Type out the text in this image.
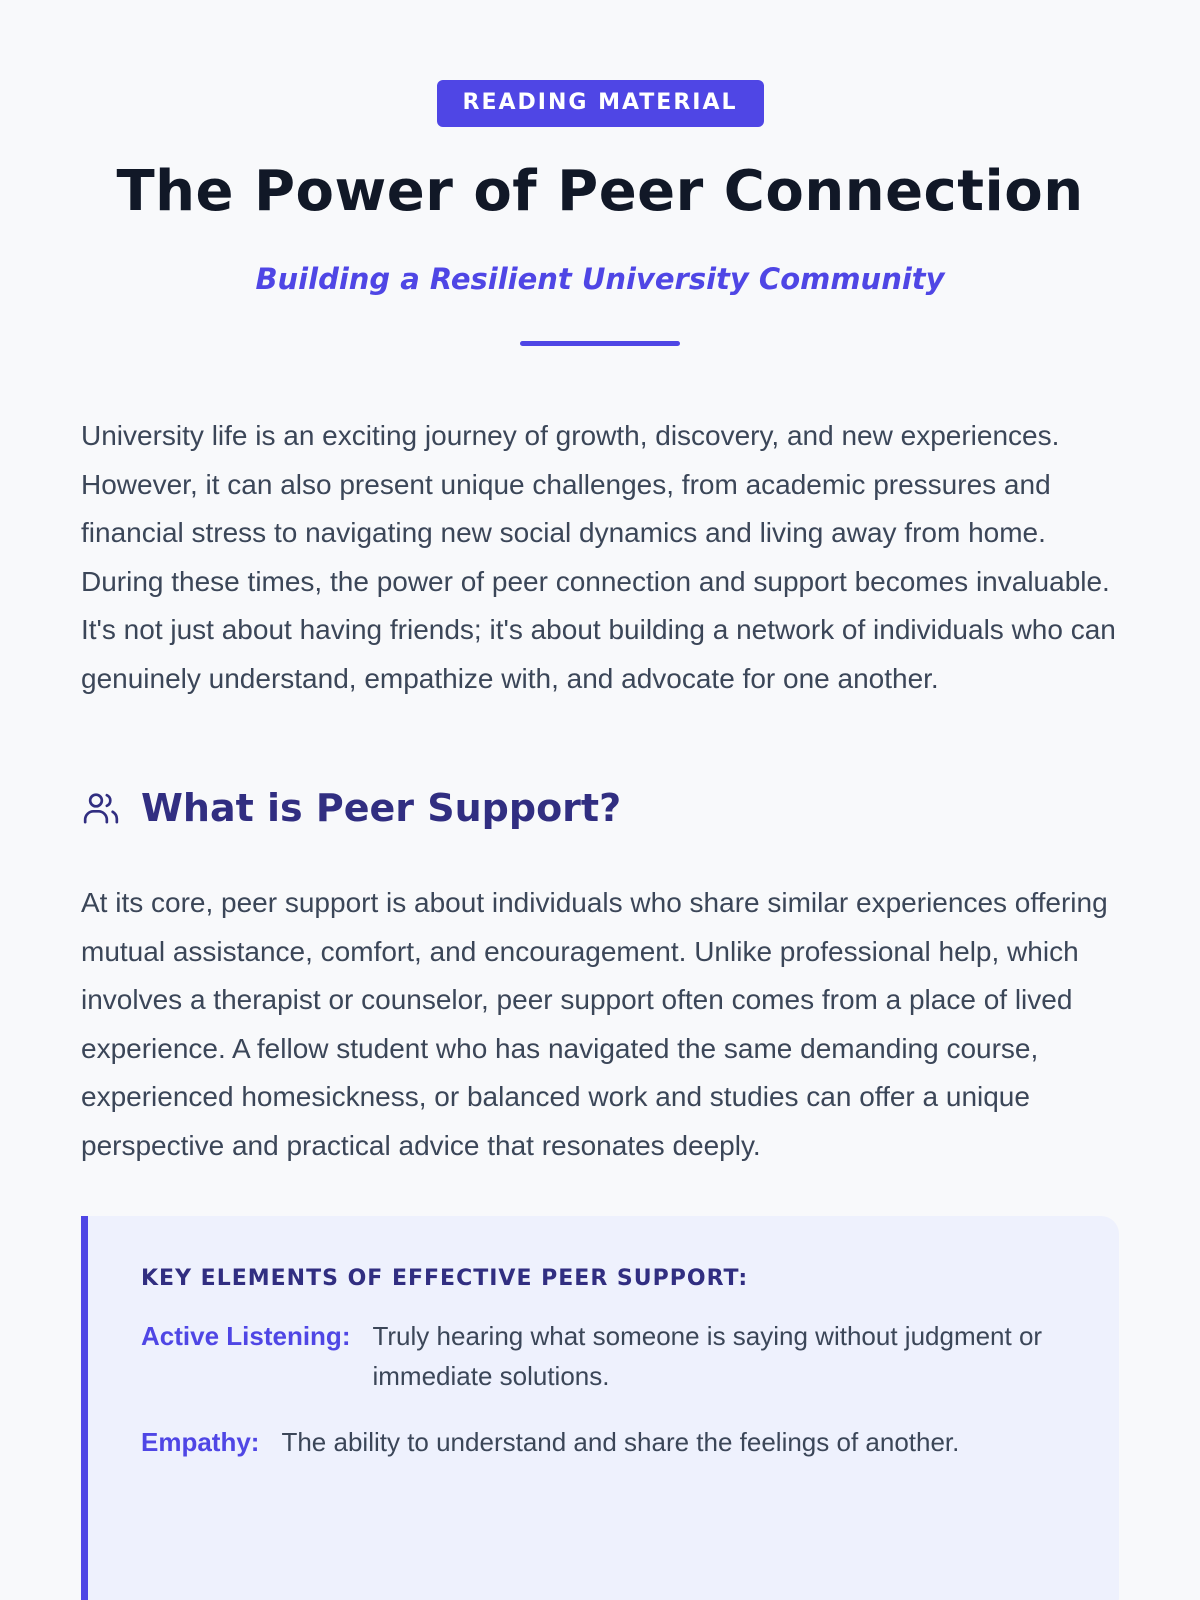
READING MATERIAL
The Power of Peer Connection

Building a Resilient University Community

University life is an exciting journey of growth, discovery, and new experiences. However, it can also present unique challenges, from academic pressures and financial stress to navigating new social dynamics and living away from home. During these times, the power of peer connection and support becomes invaluable. It's not just about having friends; it's about building a network of individuals who can genuinely understand, empathize with, and advocate for one another.

What is Peer Support?

At its core, peer support is about individuals who share similar experiences offering mutual assistance, comfort, and encouragement. Unlike professional help, which involves a therapist or counselor, peer support often comes from a place of lived experience. A fellow student who has navigated the same demanding course, experienced homesickness, or balanced work and studies can offer a unique perspective and practical advice that resonates deeply.

KEY ELEMENTS OF EFFECTIVE PEER SUPPORT:

Active Listening: Truly hearing what someone is saying without judgment or immediate solutions.
Empathy: The ability to understand and share the feelings of another.
